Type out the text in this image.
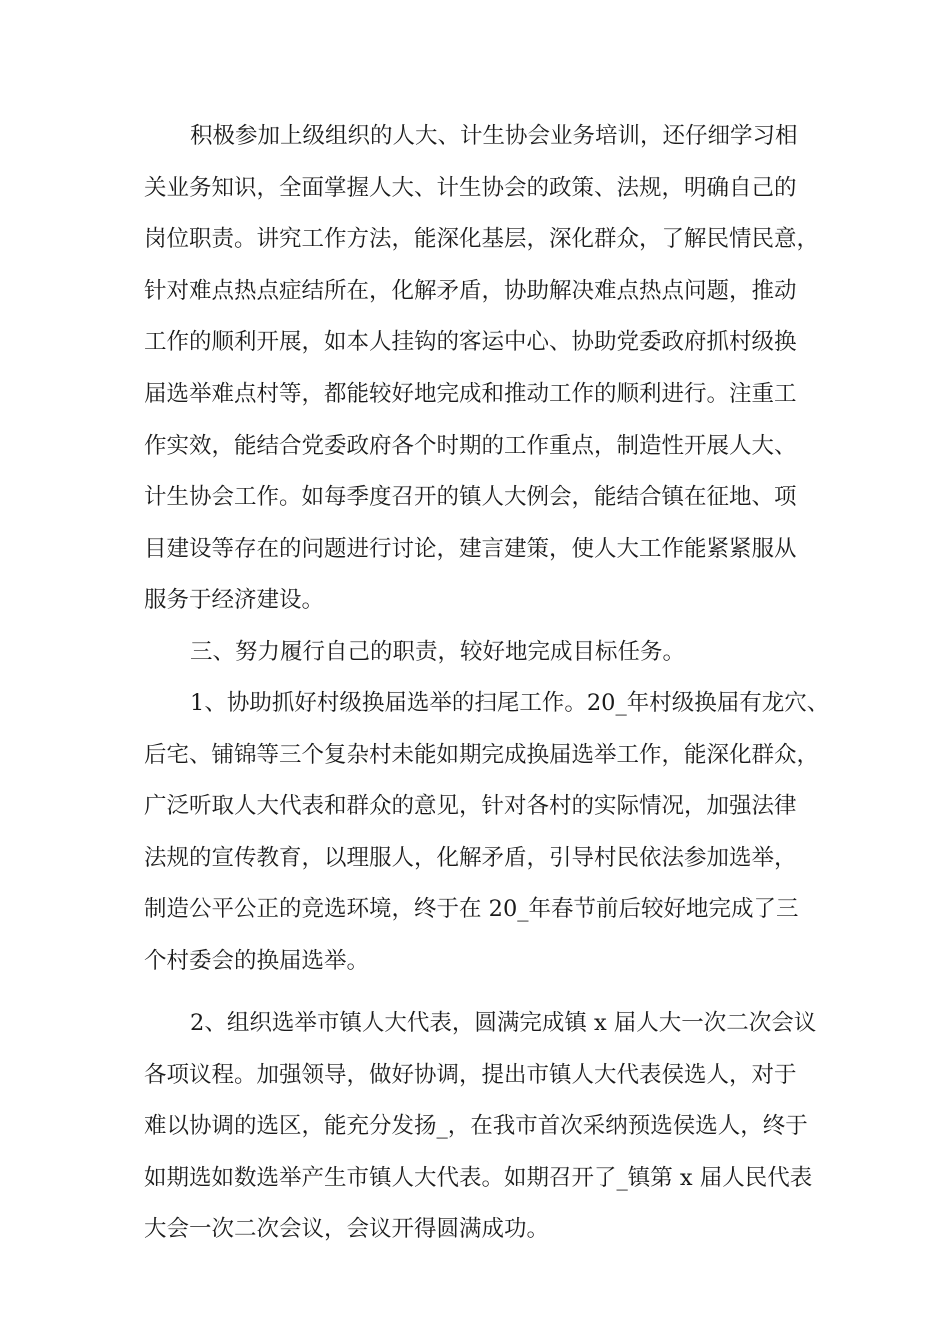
积极参加上级组织的人大、计生协会业务培训，还仔细学习相
关业务知识，全面掌握人大、计生协会的政策、法规，明确自己的
岗位职责。讲究工作方法，能深化基层，深化群众，了解民情民意，
针对难点热点症结所在，化解矛盾，协助解决难点热点问题，推动
工作的顺利开展，如本人挂钩的客运中心、协助党委政府抓村级换
届选举难点村等，都能较好地完成和推动工作的顺利进行。注重工
作实效，能结合党委政府各个时期的工作重点，制造性开展人大、
计生协会工作。如每季度召开的镇人大例会，能结合镇在征地、项
目建设等存在的问题进行讨论，建言建策，使人大工作能紧紧服从
服务于经济建设。
三、努力履行自己的职责，较好地完成目标任务。
1、协助抓好村级换届选举的扫尾工作。20_年村级换届有龙穴、
后宅、铺锦等三个复杂村未能如期完成换届选举工作，能深化群众，
广泛听取人大代表和群众的意见，针对各村的实际情况，加强法律
法规的宣传教育，以理服人，化解矛盾，引导村民依法参加选举，
制造公平公正的竞选环境，终于在 20_年春节前后较好地完成了三
个村委会的换届选举。
2、组织选举市镇人大代表，圆满完成镇 x 届人大一次二次会议
各项议程。加强领导，做好协调，提出市镇人大代表侯选人，对于
难以协调的选区，能充分发扬_，在我市首次采纳预选侯选人，终于
如期选如数选举产生市镇人大代表。如期召开了_镇第 x 届人民代表
大会一次二次会议，会议开得圆满成功。
